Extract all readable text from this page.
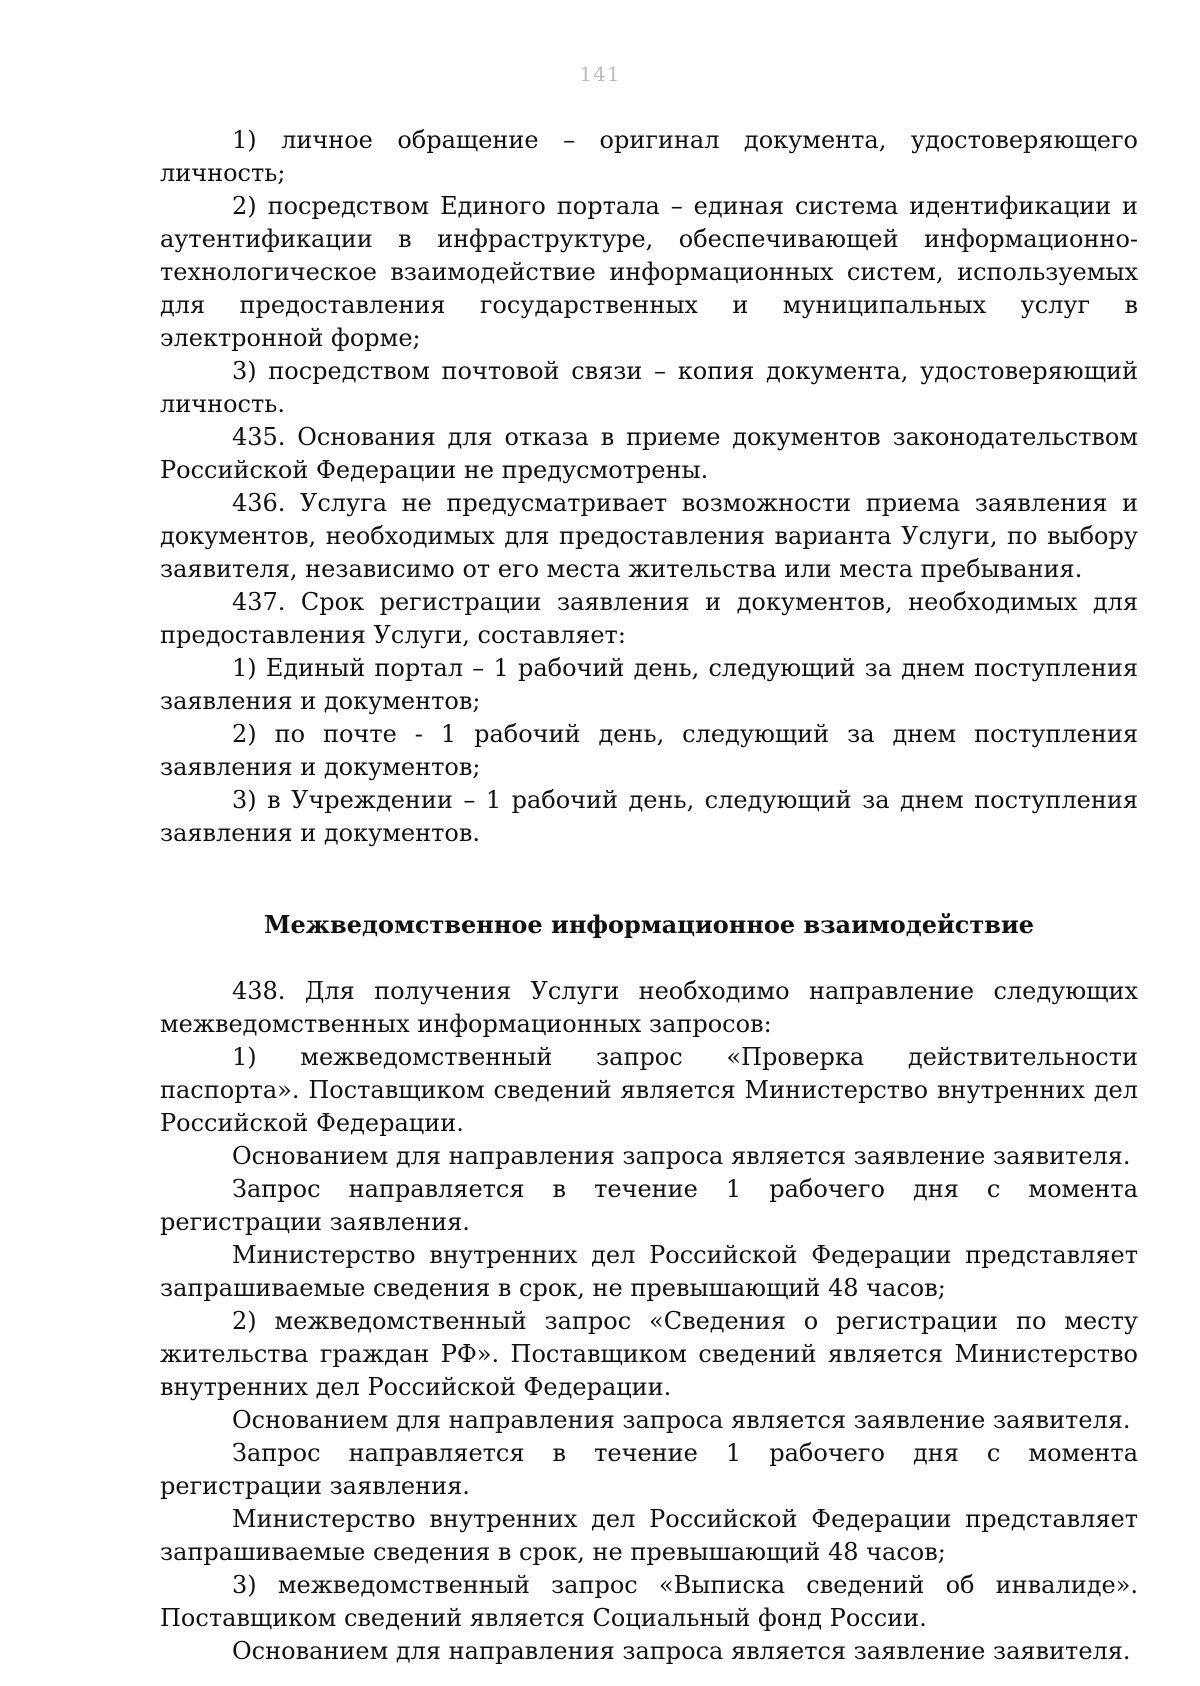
141

1) личное обращение – оригинал документа, удостоверяющего личность;

2) посредством Единого портала – единая система идентификации и аутентификации в инфраструктуре, обеспечивающей информационно-технологическое взаимодействие информационных систем, используемых для предоставления государственных и муниципальных услуг в электронной форме;

3) посредством почтовой связи – копия документа, удостоверяющий личность.

435. Основания для отказа в приеме документов законодательством Российской Федерации не предусмотрены.

436. Услуга не предусматривает возможности приема заявления и документов, необходимых для предоставления варианта Услуги, по выбору заявителя, независимо от его места жительства или места пребывания.

437. Срок регистрации заявления и документов, необходимых для предоставления Услуги, составляет:

1) Единый портал – 1 рабочий день, следующий за днем поступления заявления и документов;

2) по почте - 1 рабочий день, следующий за днем поступления заявления и документов;

3) в Учреждении – 1 рабочий день, следующий за днем поступления заявления и документов.

Межведомственное информационное взаимодействие

438. Для получения Услуги необходимо направление следующих межведомственных информационных запросов:

1) межведомственный запрос «Проверка действительности паспорта». Поставщиком сведений является Министерство внутренних дел Российской Федерации.

Основанием для направления запроса является заявление заявителя.

Запрос направляется в течение 1 рабочего дня с момента регистрации заявления.

Министерство внутренних дел Российской Федерации представляет запрашиваемые сведения в срок, не превышающий 48 часов;

2) межведомственный запрос «Сведения о регистрации по месту жительства граждан РФ». Поставщиком сведений является Министерство внутренних дел Российской Федерации.

Основанием для направления запроса является заявление заявителя.

Запрос направляется в течение 1 рабочего дня с момента регистрации заявления.

Министерство внутренних дел Российской Федерации представляет запрашиваемые сведения в срок, не превышающий 48 часов;

3) межведомственный запрос «Выписка сведений об инвалиде». Поставщиком сведений является Социальный фонд России.

Основанием для направления запроса является заявление заявителя.
